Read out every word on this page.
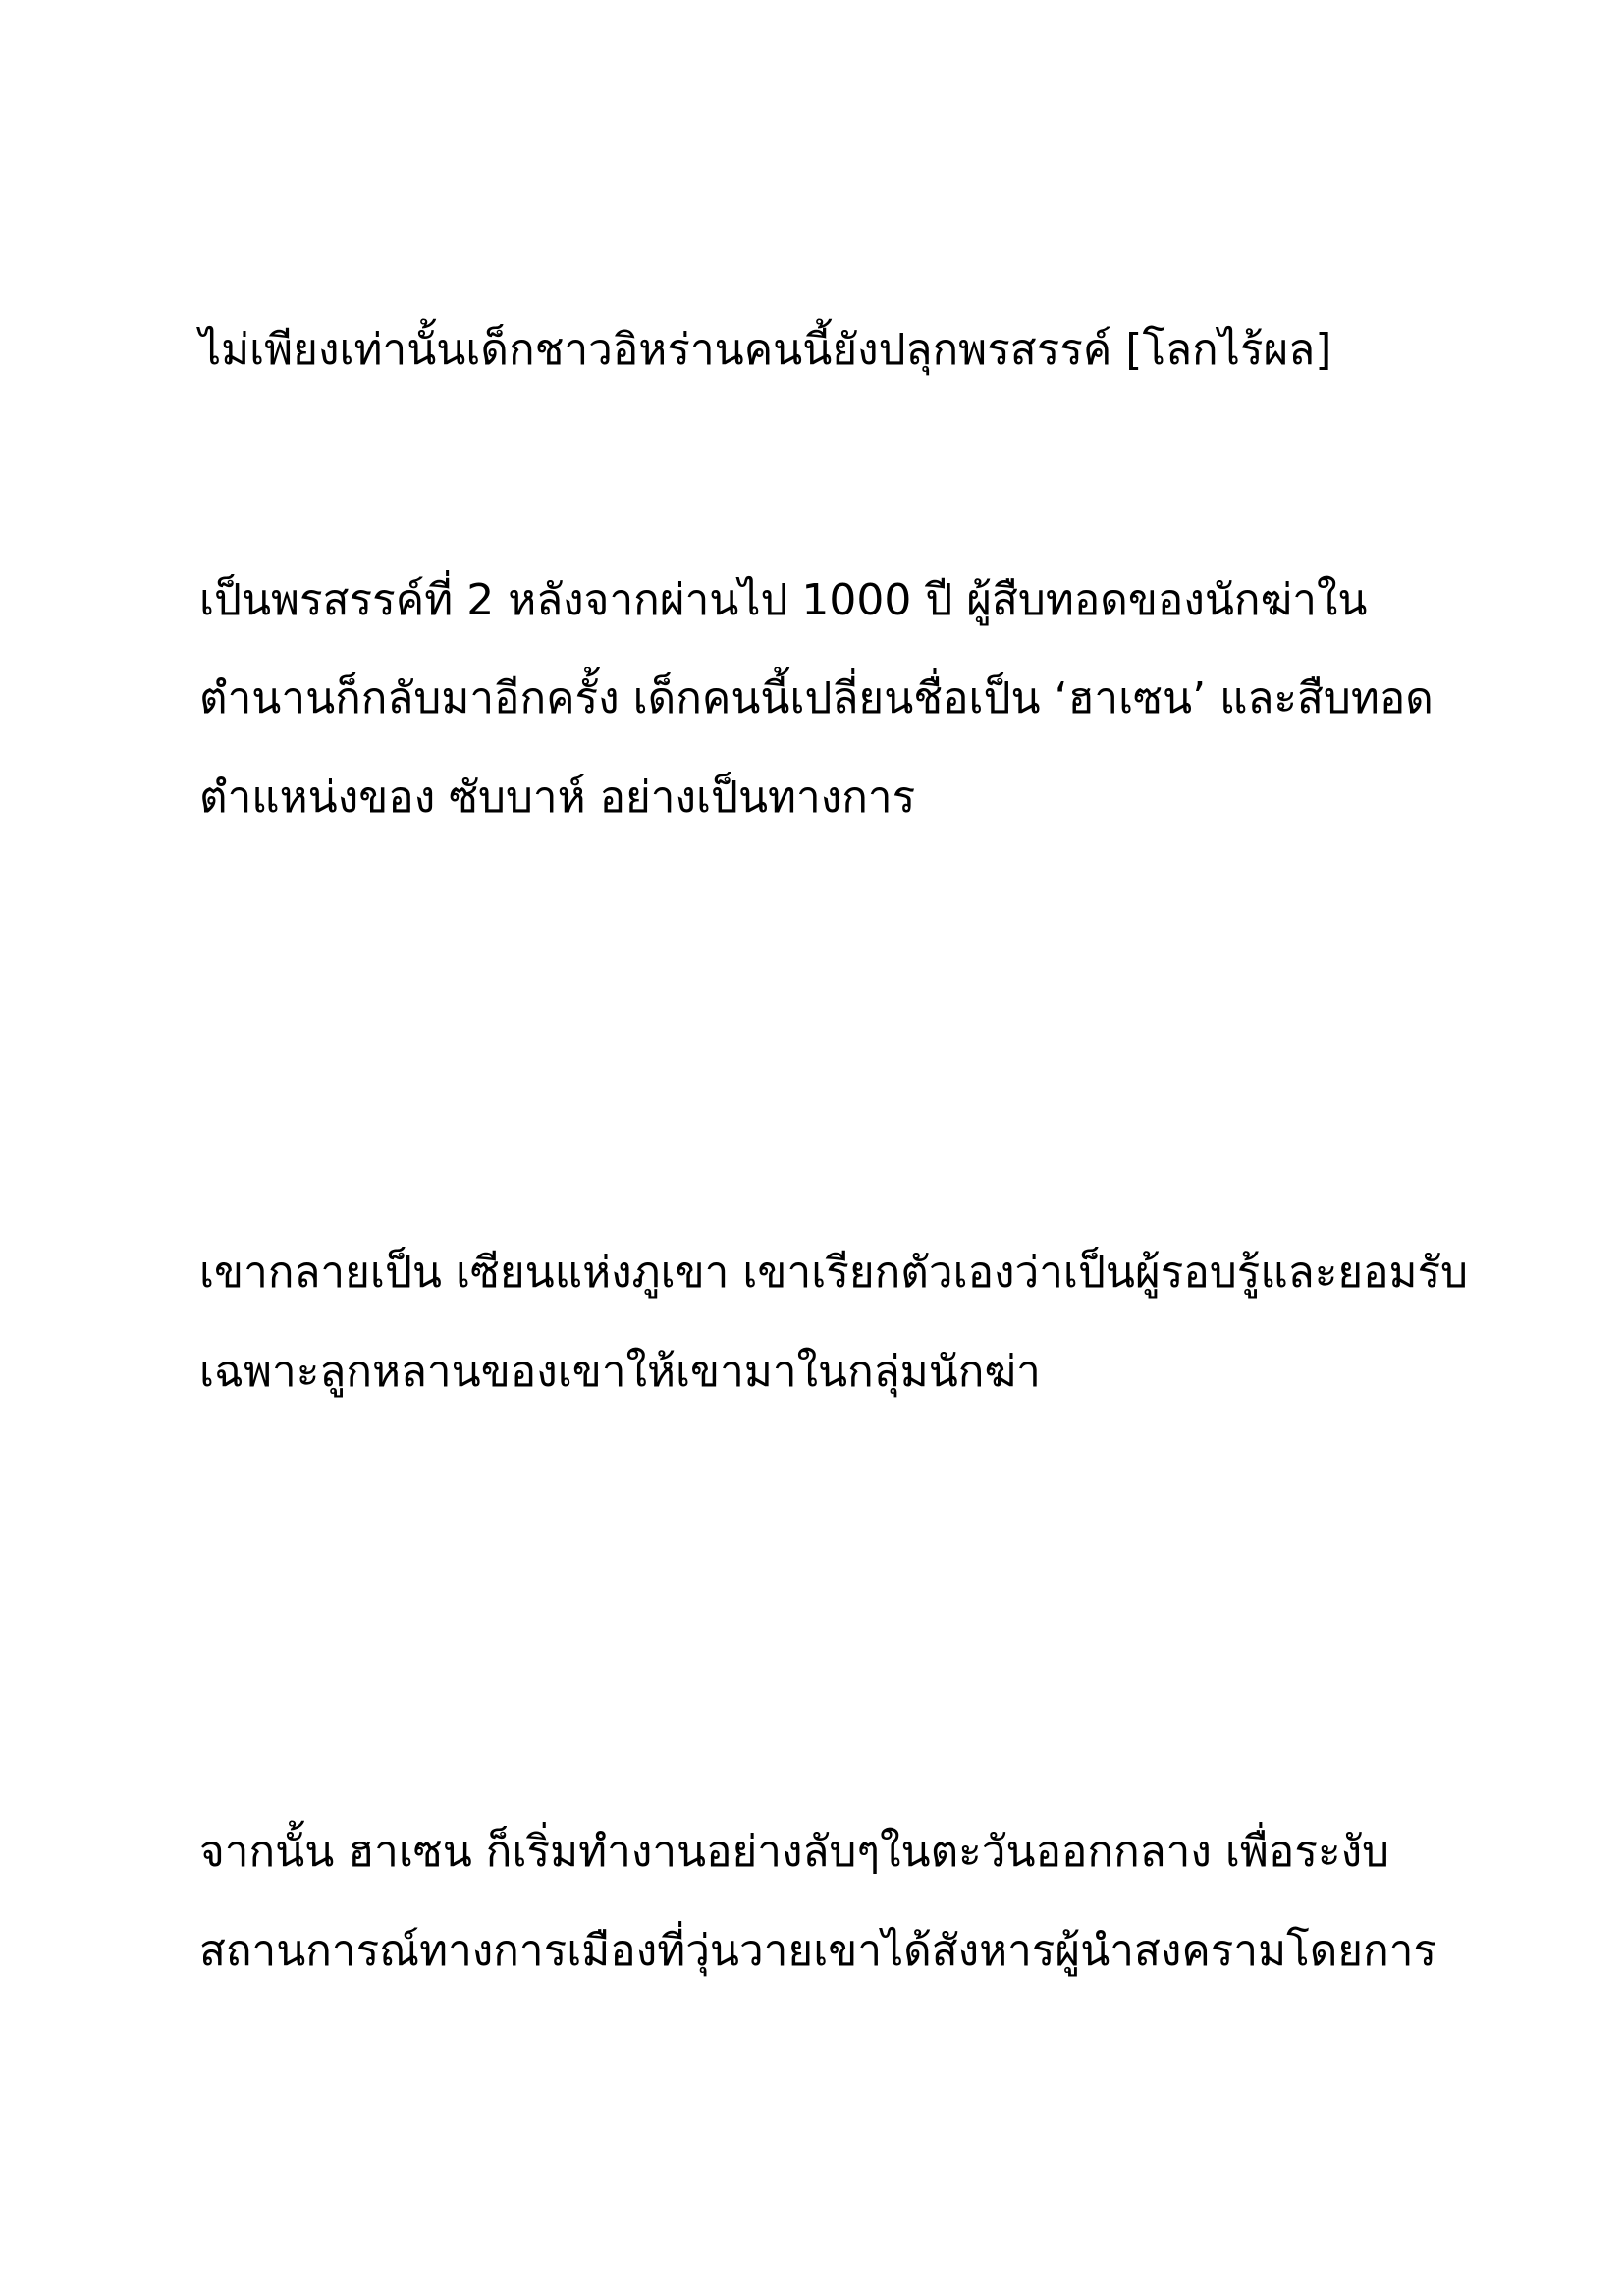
ไม่เพียงเท่านั้นเด็กชาวอิหร่านคนนี้ยังปลุกพรสรรค์ [โลกไร้ผล]

เป็นพรสรรค์ที่ 2 หลังจากผ่านไป 1000 ปี ผู้สืบทอดของนักฆ่าใน

ตำนานก็กลับมาอีกครั้ง เด็กคนนี้เปลี่ยนชื่อเป็น ‘ฮาเซน’ และสืบทอด

ตำแหน่งของ ซับบาห์ อย่างเป็นทางการ

เขากลายเป็น เซียนแห่งภูเขา เขาเรียกตัวเองว่าเป็นผู้รอบรู้และยอมรับ

เฉพาะลูกหลานของเขาให้เขามาในกลุ่มนักฆ่า

จากนั้น ฮาเซน ก็เริ่มทำงานอย่างลับๆในตะวันออกกลาง เพื่อระงับ

สถานการณ์ทางการเมืองที่วุ่นวายเขาได้สังหารผู้นำสงครามโดยการ
